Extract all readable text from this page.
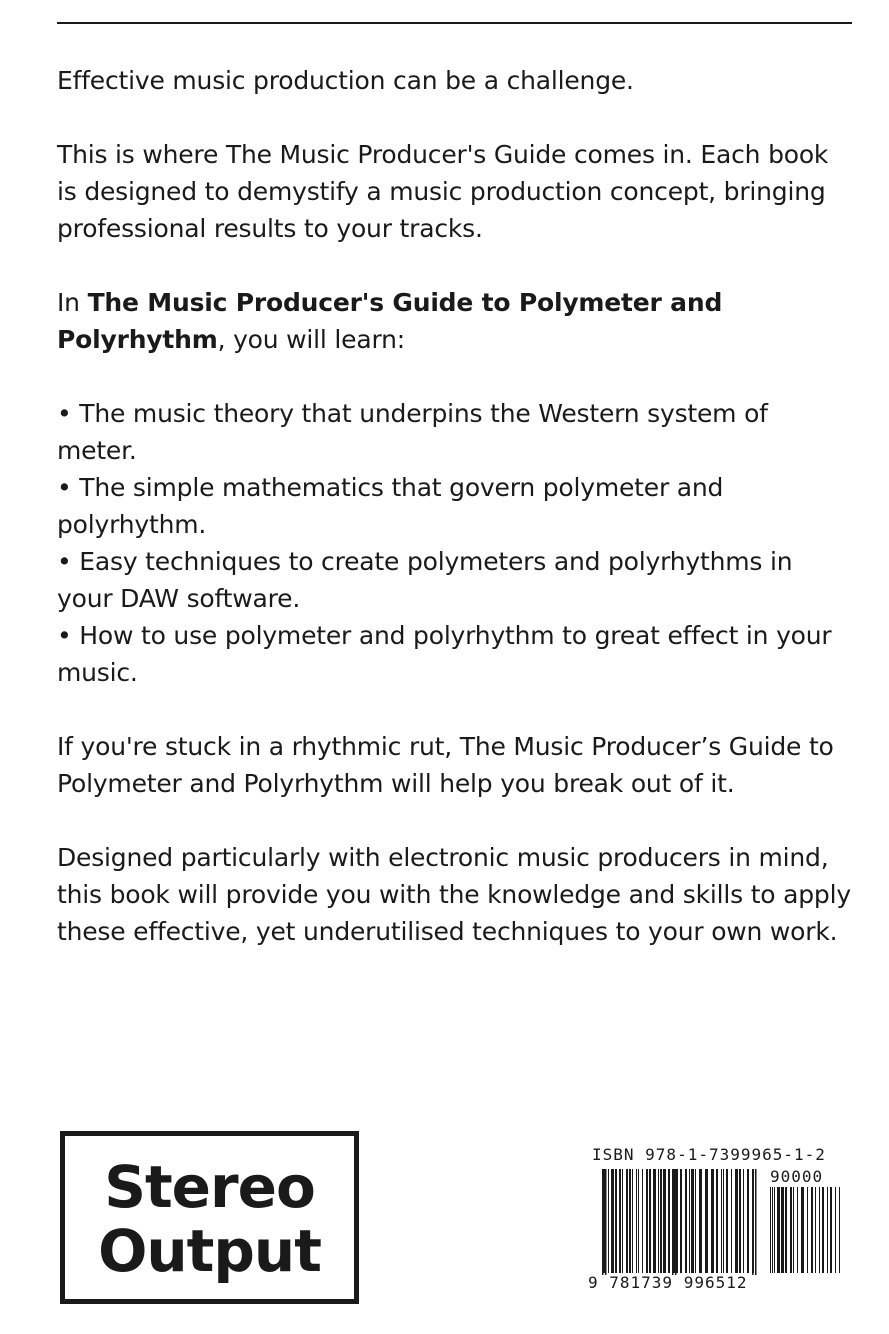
Effective music production can be a challenge.

This is where The Music Producer's Guide comes in. Each book is designed to demystify a music production concept, bringing professional results to your tracks.

In The Music Producer's Guide to Polymeter and Polyrhythm, you will learn:

• The music theory that underpins the Western system of meter.
• The simple mathematics that govern polymeter and polyrhythm.
• Easy techniques to create polymeters and polyrhythms in your DAW software.
• How to use polymeter and polyrhythm to great effect in your music.

If you're stuck in a rhythmic rut, The Music Producer’s Guide to Polymeter and Polyrhythm will help you break out of it.

Designed particularly with electronic music producers in mind, this book will provide you with the knowledge and skills to apply these effective, yet underutilised techniques to your own work.

Stereo
Output
ISBN 978-1-7399965-1-2
90000
9 781739 996512
